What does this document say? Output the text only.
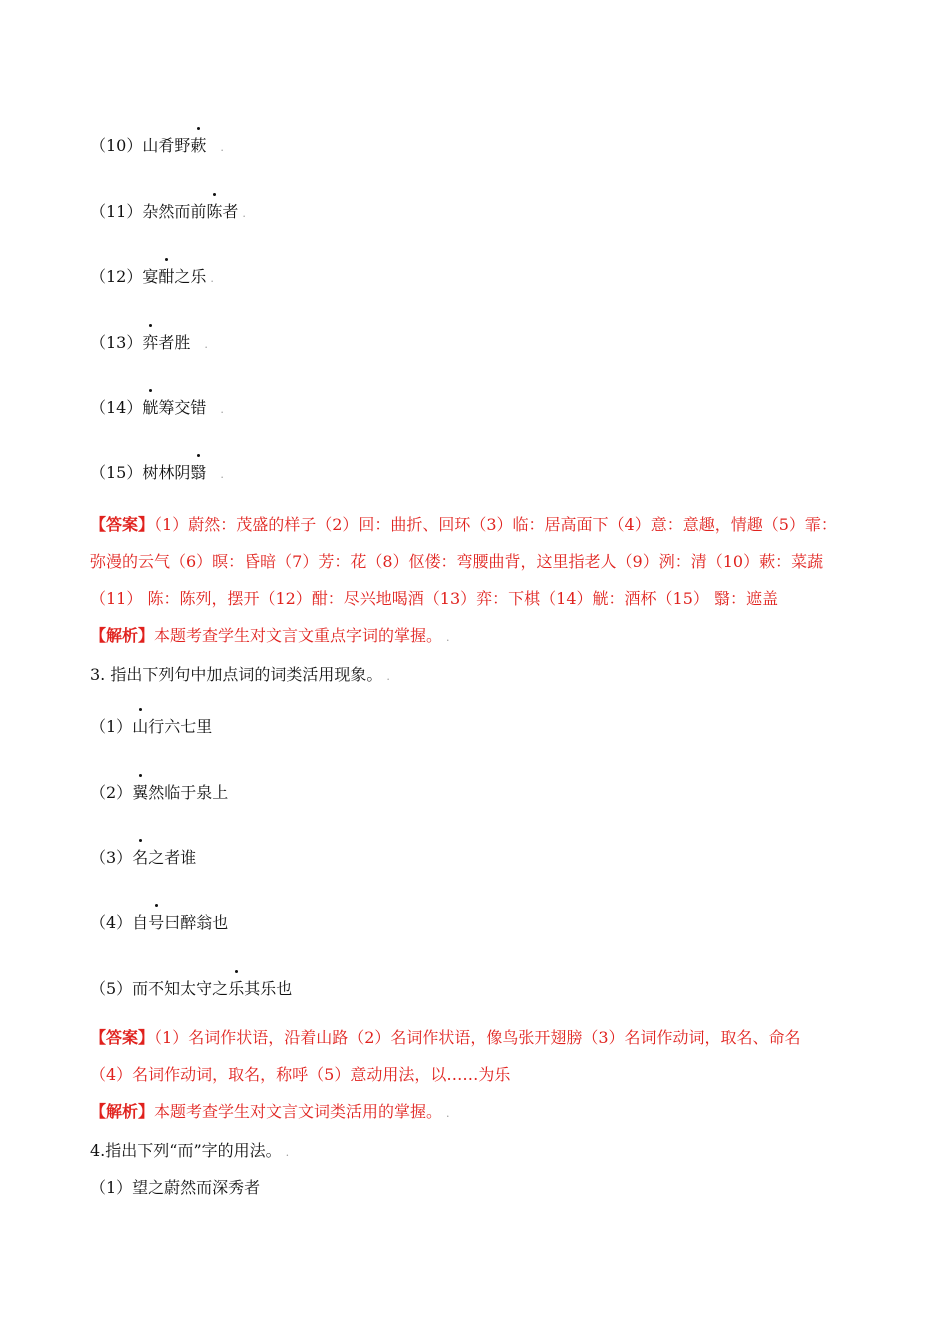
（10）山肴野蔌 .
（11）杂然而前陈者 .
（12）宴酣之乐 .
（13）弈者胜 .
（14）觥筹交错 .
（15）树林阴翳 .
【答案】（1）蔚然：茂盛的样子（2）回：曲折、回环（3）临：居高面下（4）意：意趣，情趣（5）霏：
弥漫的云气（6）暝：昏暗（7）芳：花（8）伛偻：弯腰曲背，这里指老人（9）洌：清（10）蔌：菜蔬
（11） 陈：陈列，摆开（12）酣：尽兴地喝酒（13）弈：下棋（14）觥：酒杯（15） 翳：遮盖
【解析】本题考查学生对文言文重点字词的掌握。 .
3. 指出下列句中加点词的词类活用现象。 .
（1）山行六七里
（2）翼然临于泉上
（3）名之者谁
（4）自号曰醉翁也
（5）而不知太守之乐其乐也
【答案】（1）名词作状语，沿着山路（2）名词作状语，像鸟张开翅膀（3）名词作动词，取名、命名
（4）名词作动词，取名，称呼（5）意动用法，以……为乐
【解析】本题考查学生对文言文词类活用的掌握。 .
4.指出下列“而”字的用法。 .
（1）望之蔚然而深秀者
